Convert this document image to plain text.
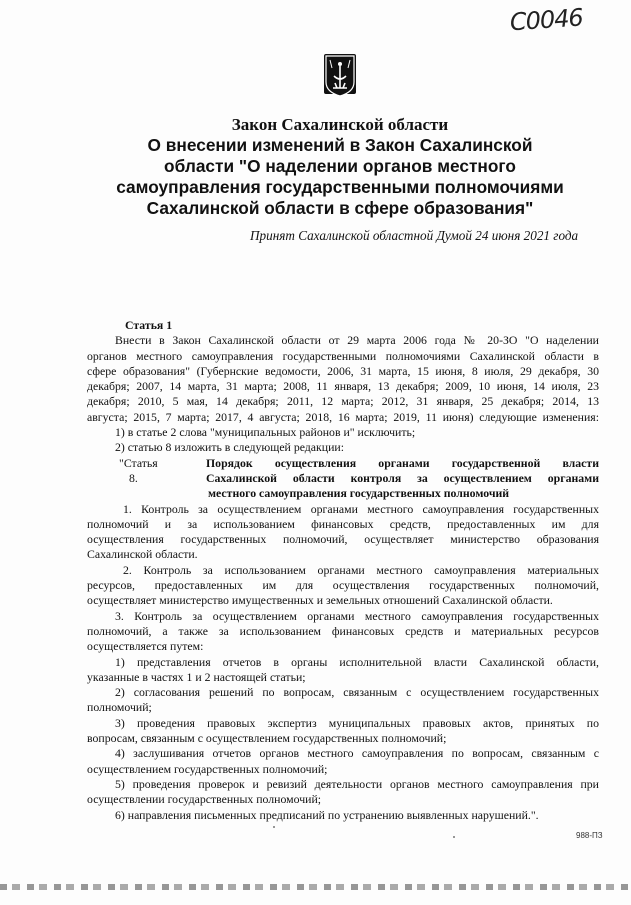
C0046
Закон Сахалинской области
О внесении изменений в Закон Сахалинской
области "О наделении органов местного
самоуправления государственными полномочиями
Сахалинской области в сфере образования"
Принят Сахалинской областной Думой 24 июня 2021 года

Статья 1

Внести в Закон Сахалинской области от 29 марта 2006 года № 20-ЗО "О наделении

органов местного самоуправления государственными полномочиями Сахалинской области в

сфере образования" (Губернские ведомости, 2006, 31 марта, 15 июня, 8 июля, 29 декабря, 30

декабря; 2007, 14 марта, 31 марта; 2008, 11 января, 13 декабря; 2009, 10 июня, 14 июля, 23

декабря; 2010, 5 мая, 14 декабря; 2011, 12 марта; 2012, 31 января, 25 декабря; 2014, 13

августа; 2015, 7 марта; 2017, 4 августа; 2018, 16 марта; 2019, 11 июня) следующие изменения:

1) в статье 2 слова "муниципальных районов и" исключить;

2) статью 8 изложить в следующей редакции:

"Статья8.

Порядок осуществления органами государственной власти

Сахалинской области контроля за осуществлением органами

местного самоуправления государственных полномочий

1. Контроль за осуществлением органами местного самоуправления государственных

полномочий и за использованием финансовых средств, предоставленных им для

осуществления государственных полномочий, осуществляет министерство образования

Сахалинской области.

2. Контроль за использованием органами местного самоуправления материальных

ресурсов, предоставленных им для осуществления государственных полномочий,

осуществляет министерство имущественных и земельных отношений Сахалинской области.

3. Контроль за осуществлением органами местного самоуправления государственных

полномочий, а также за использованием финансовых средств и материальных ресурсов

осуществляется путем:

1) представления отчетов в органы исполнительной власти Сахалинской области,

указанные в частях 1 и 2 настоящей статьи;

2) согласования решений по вопросам, связанным с осуществлением государственных

полномочий;

3) проведения правовых экспертиз муниципальных правовых актов, принятых по

вопросам, связанным с осуществлением государственных полномочий;

4) заслушивания отчетов органов местного самоуправления по вопросам, связанным с

осуществлением государственных полномочий;

5) проведения проверок и ревизий деятельности органов местного самоуправления при

осуществлении государственных полномочий;

6) направления письменных предписаний по устранению выявленных нарушений.".

988-ПЗ
